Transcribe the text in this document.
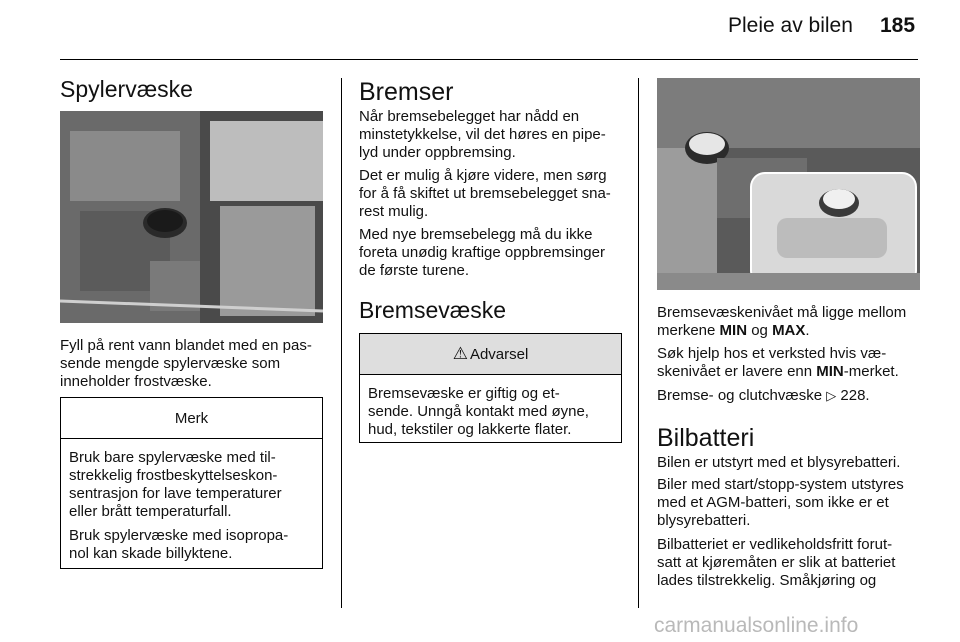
Pleie av bilen 185
Spylervæske
Fyll på rent vann blandet med en pas-
sende mengde spylervæske som
inneholder frostvæske.
Merk

Bruk bare spylervæske med til-
strekkelig frostbeskyttelseskon-
sentrasjon for lave temperaturer
eller brått temperaturfall.

Bruk spylervæske med isopropa-
nol kan skade billyktene.

Bremser
Når bremsebelegget har nådd en
minstetykkelse, vil det høres en pipe-
lyd under oppbremsing.
Det er mulig å kjøre videre, men sørg
for å få skiftet ut bremsebelegget sna-
rest mulig.
Med nye bremsebelegg må du ikke
foreta unødig kraftige oppbremsinger
de første turene.
Bremsevæske
⚠ Advarsel
Bremsevæske er giftig og et-
sende. Unngå kontakt med øyne,
hud, tekstiler og lakkerte flater.
Bremsevæskenivået må ligge mellom
merkene MIN og MAX.
Søk hjelp hos et verksted hvis væ-
skenivået er lavere enn MIN-merket.
Bremse- og clutchvæske ▷ 228.
Bilbatteri
Bilen er utstyrt med et blysyrebatteri.
Biler med start/stopp-system utstyres
med et AGM-batteri, som ikke er et
blysyrebatteri.
Bilbatteriet er vedlikeholdsfritt forut-
satt at kjøremåten er slik at batteriet
lades tilstrekkelig. Småkjøring og
carmanualsonline.info
